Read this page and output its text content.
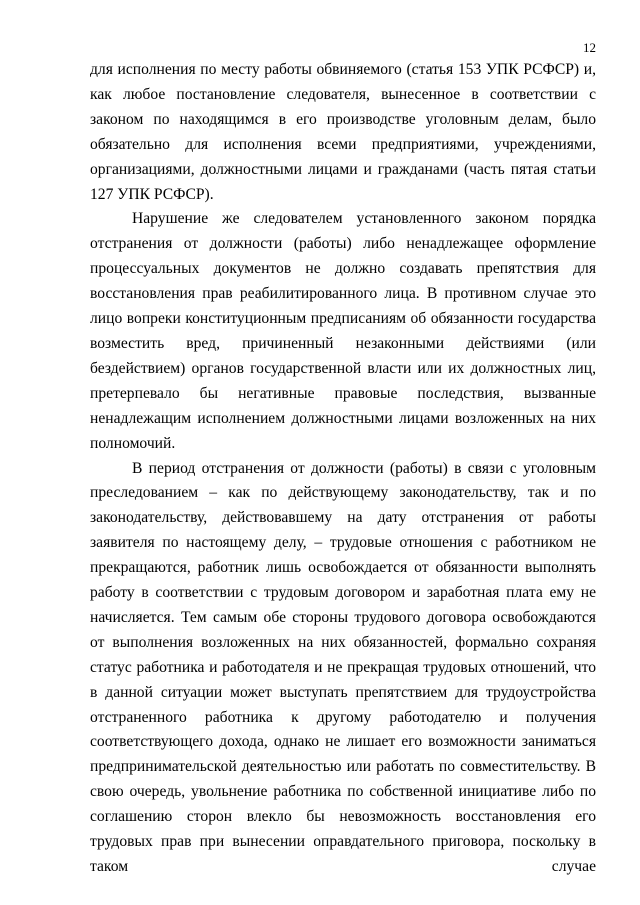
12

для исполнения по месту работы обвиняемого (статья 153 УПК РСФСР) и, как любое постановление следователя, вынесенное в соответствии с законом по находящимся в его производстве уголовным делам, было обязательно для исполнения всеми предприятиями, учреждениями, организациями, должностными лицами и гражданами (часть пятая статьи 127 УПК РСФСР).

Нарушение же следователем установленного законом порядка отстранения от должности (работы) либо ненадлежащее оформление процессуальных документов не должно создавать препятствия для восстановления прав реабилитированного лица. В противном случае это лицо вопреки конституционным предписаниям об обязанности государства возместить вред, причиненный незаконными действиями (или бездействием) органов государственной власти или их должностных лиц, претерпевало бы негативные правовые последствия, вызванные ненадлежащим исполнением должностными лицами возложенных на них полномочий.

В период отстранения от должности (работы) в связи с уголовным преследованием – как по действующему законодательству, так и по законодательству, действовавшему на дату отстранения от работы заявителя по настоящему делу, – трудовые отношения с работником не прекращаются, работник лишь освобождается от обязанности выполнять работу в соответствии с трудовым договором и заработная плата ему не начисляется. Тем самым обе стороны трудового договора освобождаются от выполнения возложенных на них обязанностей, формально сохраняя статус работника и работодателя и не прекращая трудовых отношений, что в данной ситуации может выступать препятствием для трудоустройства отстраненного работника к другому работодателю и получения соответствующего дохода, однако не лишает его возможности заниматься предпринимательской деятельностью или работать по совместительству. В свою очередь, увольнение работника по собственной инициативе либо по соглашению сторон влекло бы невозможность восстановления его трудовых прав при вынесении оправдательного приговора, поскольку в таком случае
